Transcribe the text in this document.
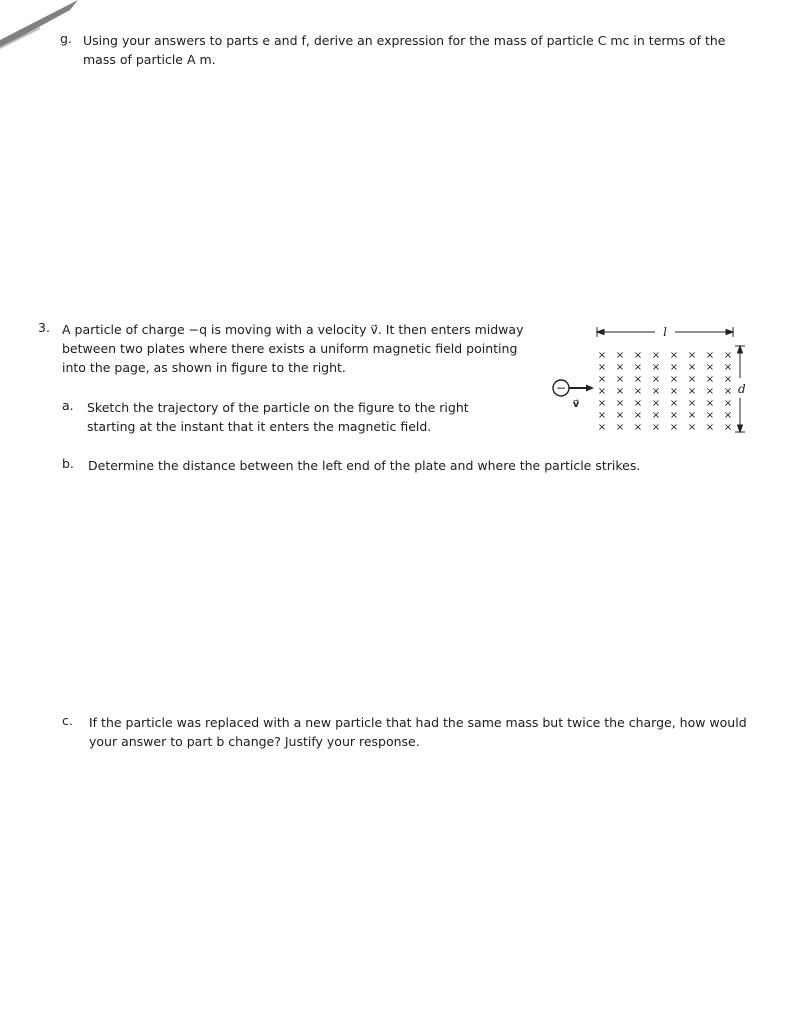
g. Using your answers to parts e and f, derive an expression for the mass of particle C mᴄ in terms of the mass of particle A m.
3. A particle of charge −q is moving with a velocity v⃗. It then enters midway between two plates where there exists a uniform magnetic field pointing into the page, as shown in figure to the right.
a. Sketch the trajectory of the particle on the figure to the right starting at the instant that it enters the magnetic field.
b. Determine the distance between the left end of the plate and where the particle strikes.
c. If the particle was replaced with a new particle that had the same mass but twice the charge, how would your answer to part b change? Justify your response.
l
× × × × × × × ×
× × × × × × × ×
× × × × × × × ×
× × × × × × × ×
× × × × × × × ×
× × × × × × × ×
× × × × × × × ×
d
−
v⃗
